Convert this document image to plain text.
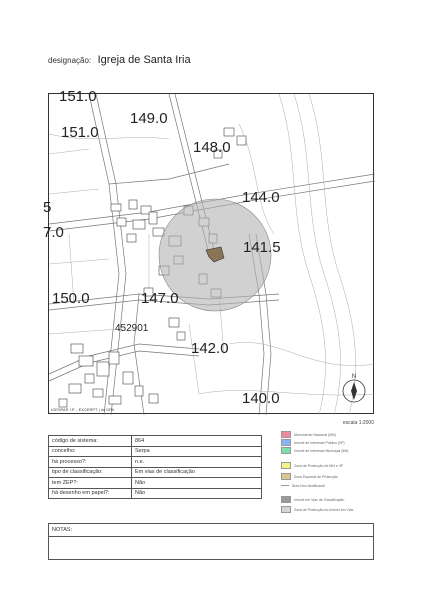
designação: Igreja de Santa Iria
N
151.0
151.0
149.0
148.0
144.0
5
7.0
141.5
150.0	147.0
452901
142.0
140.0
IGESPAR I.P. - EXCERPT | do DPA
escala 1:2000
código de sistema:	864
concelho:	Serpa
há processo?:	n.e.
tipo de classificação:	Em vias de classificação
tem ZEP?:	Não
há desenho em papel?:	Não
Monumento Nacional (MN)
Imóvel de Interesse Público (IIP)
Imóvel de Interesse Municipal (IIM)
Zona de Protecção de MN e IIP
Zona Especial de Protecção
Área Non Aedificandi
Imóvel em Vias de Classificação
Zona de Protecção do Imóvel em Vias
NOTAS:
